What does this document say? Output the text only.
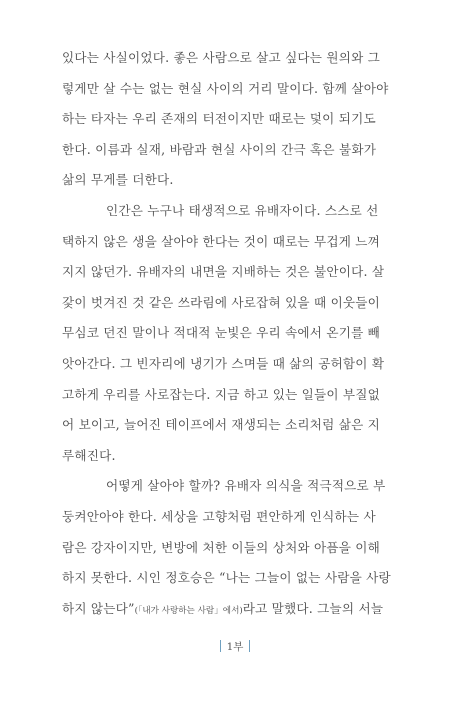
있다는 사실이었다. 좋은 사람으로 살고 싶다는 원의와 그
렇게만 살 수는 없는 현실 사이의 거리 말이다. 함께 살아야
하는 타자는 우리 존재의 터전이지만 때로는 덫이 되기도
한다. 이름과 실재, 바람과 현실 사이의 간극 혹은 불화가
삶의 무게를 더한다.
인간은 누구나 태생적으로 유배자이다. 스스로 선
택하지 않은 생을 살아야 한다는 것이 때로는 무겁게 느껴
지지 않던가. 유배자의 내면을 지배하는 것은 불안이다. 살
갗이 벗겨진 것 같은 쓰라림에 사로잡혀 있을 때 이웃들이
무심코 던진 말이나 적대적 눈빛은 우리 속에서 온기를 빼
앗아간다. 그 빈자리에 냉기가 스며들 때 삶의 공허함이 확
고하게 우리를 사로잡는다. 지금 하고 있는 일들이 부질없
어 보이고, 늘어진 테이프에서 재생되는 소리처럼 삶은 지
루해진다.
어떻게 살아야 할까? 유배자 의식을 적극적으로 부
둥켜안아야 한다. 세상을 고향처럼 편안하게 인식하는 사
람은 강자이지만, 변방에 처한 이들의 상처와 아픔을 이해
하지 못한다. 시인 정호승은 “나는 그늘이 없는 사람을 사랑
하지 않는다”(「내가 사랑하는 사람」에서)라고 말했다. 그늘의 서늘
1부
